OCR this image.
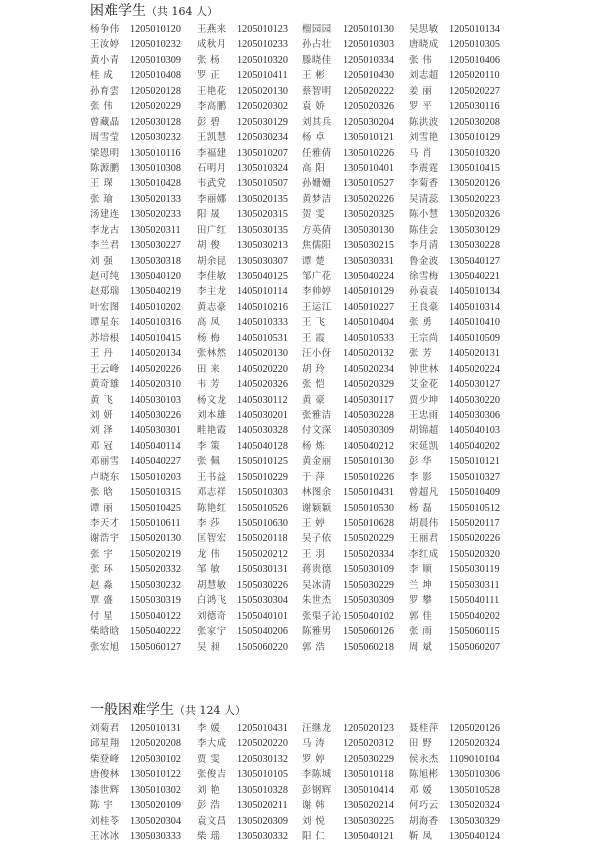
困难学生（共 164 人）
杨争伟 1205010120 王燕来 1205010123 榴园园 1205010130 吴思敏 1205010134
王汝婷 1205010232 成秋月 1205010233 孙占壮 1205010303 唐晓成 1205010305
黄小青 1205010309 张 杨 1205010320 滕晓佳 1205010334 张 伟 1205010406
桂 成 1205010408 罗 正 1205010411 王 彬 1205010430 刘志超 1205020110
孙育雲 1205020128 王艳花 1205020130 蔡智明 1205020222 姜 丽 1205020227
张 伟 1205020229 李高鹏 1205020302 袁 娇 1205020326 罗 平 1205030116
曾藏晶 1205030128 彭 碧 1205030129 刘其兵 1205030204 陈洪波 1205030208
周雪莹 1205030232 王凯慧 1205030234 杨 卓 1305010121 刘雪艳 1305010129
梁恩明 1305010116 李福建 1305010207 任雅倩 1305010226 马 肖 1305010320
陈源鹏 1305010308 石明月 1305010324 高 阳 1305010401 李震霆 1305010415
王 琛 1305010428 韦武党 1305010507 孙姗姗 1305010527 李菊香 1305020126
张 瑜 1305020133 李丽娜 1305020135 黄梦洁 1305020226 吴清蕊 1305020223
汤建连 1305020233 阳 晟 1305020315 贺 雯 1305020325 陈小慧 1305020326
李龙古 1305020311 田广红 1305030135 方英倩 1305030130 陈佳会 1305030129
李兰君 1305030227 胡 俊 1305030213 焦儒阳 1305030215 李月清 1305030228
刘 强 1305030318 胡余昆 1305030307 谭 楚 1305030331 鲁金波 1305040127
赵可纯 1305040120 李佳敏 1305040125 邹广花 1305040224 徐雪梅 1305040221
赵郑瑞 1305040219 李主龙 1405010114 李帅婷 1405010129 孙袁袁 1405010134
叶宏图 1405010202 黄志豪 1405010216 王运江 1405010227 王良豪 1405010314
谭星东 1405010316 高 凤 1405010333 王 飞 1405010404 张 勇 1405010410
苏培根 1405010415 杨 梅 1405010531 王 霞 1405010533 王宗尚 1405010509
王 丹 1405020134 张林然 1405020130 汪小伢 1405020132 张 芳 1405020131
王云峰 1405020226 田 来 1405020220 胡 玲 1405020234 钟世林 1405020224
黄奇雄 1405020310 韦 芳 1405020326 张 恺 1405020329 艾金花 1405030127
黄 飞 1405030103 杨文龙 1405030112 黄 豪 1405030117 贾少坤 1405030220
刘 妍 1405030226 刘本雄 1405030201 张雅洁 1405030228 王忠雨 1405030306
刘 泽 1405030301 畦艳霞 1405030328 付文深 1405030309 胡锦超 1405040103
邓 冠 1405040114 李 策 1405040128 杨 炼 1405040212 宋延凯 1405040202
邓丽雪 1405040227 张 佩 1505010125 黄金丽 1505010130 彭 华 1505010121
卢晓东 1505010203 王书益 1505010229 于 萍 1505010226 李 影 1505010327
张 晗 1505010315 邓志祥 1505010303 林图余 1505010431 曾超凡 1505010409
谭 丽 1505010425 陈艳红 1505010526 谢颖颖 1505010530 杨 磊 1505010512
李天才 1505010611 李 莎 1505010630 王 婷 1505010628 胡晨伟 1505020117
谢浩宇 1505020130 匡智宏 1505020118 吴子依 1505020229 王丽君 1505020226
张 宇 1505020219 龙 伟 1505020212 王 羽 1505020334 李红成 1505020320
张 环 1505020332 邹 敏 1505030131 蒋贵德 1505030109 李 顺 1505030119
赵 淼 1505030232 胡慧敏 1505030226 吴冰清 1505030229 兰 坤 1505030311
覃 盛 1505030319 白鸿飞 1505030304 朱世杰 1505030309 罗 攀 1505040111
付 星 1505040122 刘德奇 1505040101 张渠子沁 1505040102 郭 佳 1505040202
柴晗晗 1505040222 张家宁 1505040206 陈雅男 1505060126 张 雨 1505060115
张宏旭 1505060127 吴 昶 1505060220 郭 浩 1505060218 周 斌 1505060207
一般困难学生（共 124 人）
刘菊君 1205010131 李 媛 1205010431 汪继龙 1205020123 聂桂萍 1205020126
邱星翔 1205020208 李大成 1205020220 马 涛 1205020312 田 野 1205020324
柴登峰 1205030102 贾 雯 1205030132 罗 婷 1205030229 侯永杰 1109010104
唐俊林 1305010122 张俊吉 1305010105 李陈城 1305010118 陈旭彬 1305010306
漆世辉 1305010302 刘 艳 1305010328 彭钢辉 1305010414 邓 媛 1305010528
陈 宇 1305020109 彭 浩 1305020211 谢 韩 1305020214 何巧云 1305020324
刘桂苓 1305020304 袁文昌 1305020309 刘 悦 1305030225 胡海香 1305030329
王冰冰 1305030333 柴 瑶 1305030332 阳 仁 1305040121 靳 凤 1305040124
